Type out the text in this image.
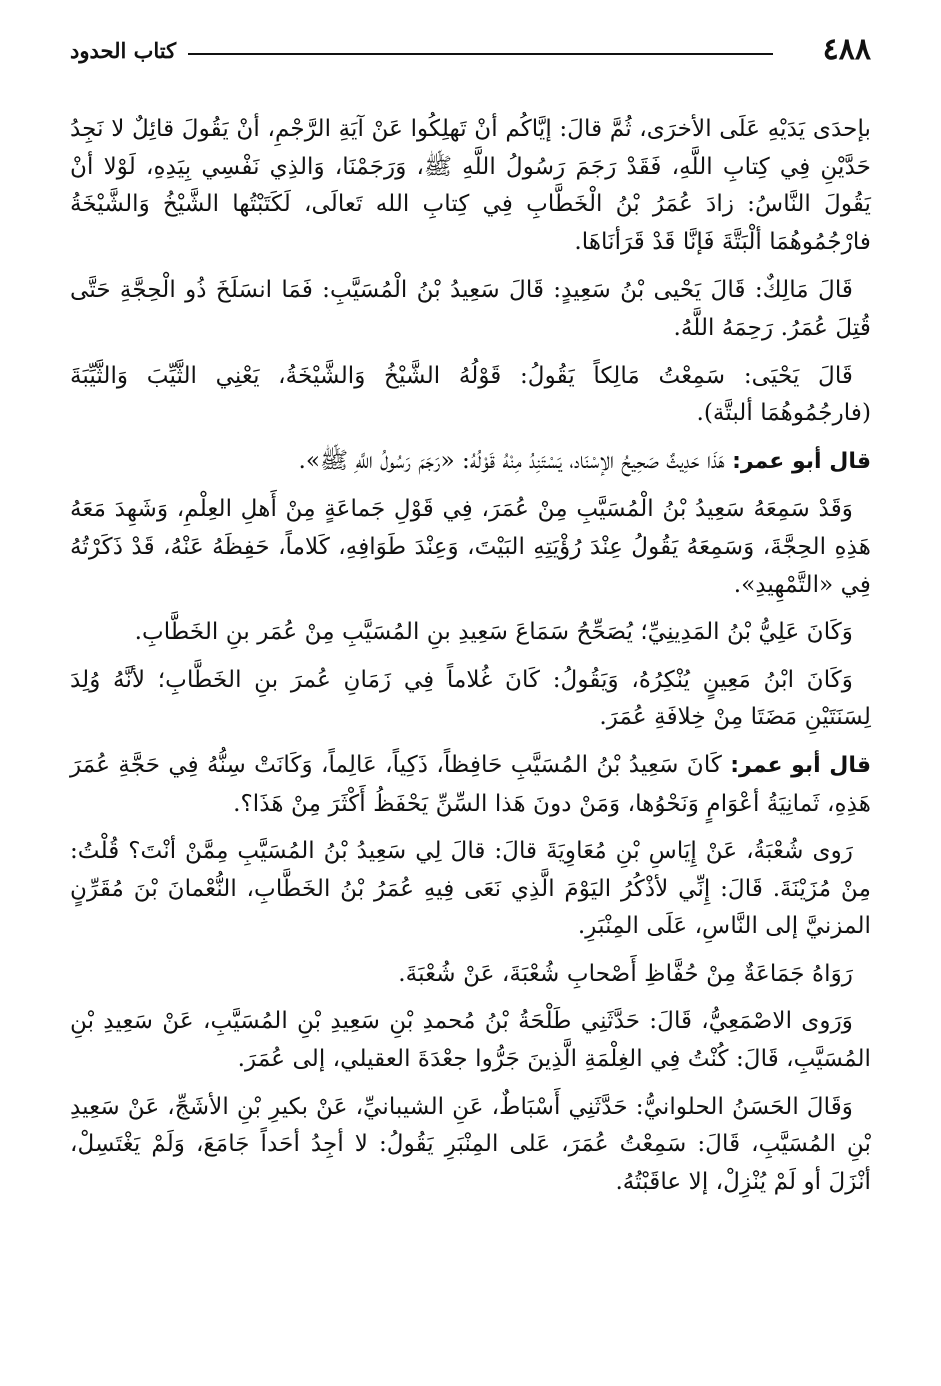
٤٨٨
كتاب الحدود

بإحدَى يَدَيْهِ عَلَى الأخرَى، ثُمَّ قالَ: إيَّاكُم أنْ تَهلِكُوا عَنْ آيَةِ الرَّجْمِ، أنْ يَقُولَ قائِلٌ لا نَجِدُ حَدَّيْنِ فِي كِتابِ اللَّهِ، فَقَدْ رَجَمَ رَسُولُ اللَّهِ ﷺ، وَرَجَمْنَا، وَالذِي نَفْسِي بِيَدِهِ، لَوْلا أنْ يَقُولَ النَّاسُ: زادَ عُمَرُ بْنُ الْخَطَّابِ فِي كِتابِ الله تَعالَى، لَكَتَبْتُها الشَّيْخُ وَالشَّيْخَةُ فارْجُمُوهُمَا ألْبَتَّةَ فَإنَّا قَدْ قَرَأنَاهَا.

قَالَ مَالِكٌ: قَالَ يَحْيى بْنُ سَعِيدٍ: قَالَ سَعِيدُ بْنُ الْمُسَيَّبِ: فَمَا انسَلَخَ ذُو الْحِجَّةِ حَتَّى قُتِلَ عُمَرُ. رَحِمَهُ اللَّهُ.

قَالَ يَحْيَى: سَمِعْتُ مَالِكاً يَقُولُ: قَوْلُهُ الشَّيْخُ وَالشَّيْخَةُ، يَعْنِي الثَّيِّبَ وَالثَّيِّبَةَ (فارجُمُوهُمَا ألبتَّة).

قال أبو عمر: هَذَا حَدِيثٌ صَحِيحُ الإسْنَاد، يَسْتَنِدُ مِنْهُ قَوْلُهُ: «رَجَمَ رَسُولُ اللَّهِ ﷺ».

وَقَدْ سَمِعَهُ سَعِيدُ بْنُ الْمُسَيَّبِ مِنْ عُمَرَ، فِي قَوْلِ جَماعَةٍ مِنْ أَهلِ العِلْمِ، وَشَهِدَ مَعَهُ هَذِهِ الحِجَّةَ، وَسَمِعَهُ يَقُولُ عِنْدَ رُؤْيَتِهِ البَيْتَ، وَعِنْدَ طَوَافِهِ، كَلاماً، حَفِظَهُ عَنْهُ، قَدْ ذَكَرْتُهُ فِي «التَّمْهِيدِ».

وَكَانَ عَلِيُّ بْنُ المَدِينِيِّ؛ يُصَحِّحُ سَمَاعَ سَعِيدِ بنِ المُسَيَّبِ مِنْ عُمَر بنِ الخَطَّابِ.

وَكَانَ ابْنُ مَعِينٍ يُنْكِرُهُ، وَيَقُولُ: كَانَ غُلاماً فِي زَمَانِ عُمرَ بنِ الخَطَّابِ؛ لأنَّهُ وُلِدَ لِسَنَتَيْنِ مَضَتَا مِنْ خِلافَةِ عُمَرَ.

قال أبو عمر: كَانَ سَعِيدُ بْنُ المُسَيَّبِ حَافِظاً، ذَكِياً، عَالِماً، وَكَانَتْ سِنُّهُ فِي حَجَّةِ عُمَرَ هَذِهِ، ثَمانِيَةُ أعْوَامٍ وَنَحْوُها، وَمَنْ دونَ هَذا السِّنِّ يَحْفَظُ أَكْثَرَ مِنْ هَذَا؟.

رَوى شُعْبَةُ، عَنْ إِيَاسِ بْنِ مُعَاوِيَةَ قالَ: قالَ لِي سَعِيدُ بْنُ المُسَيَّبِ مِمَّنْ أنْتَ؟ قُلْتُ: مِنْ مُزَيْنَةَ. قَالَ: إِنِّي لأذْكُرُ اليَوْمَ الَّذِي نَعَى فِيهِ عُمَرُ بْنُ الخَطَّابِ، النُّعْمانَ بْنَ مُقَرِّنٍ المزنيَّ إلى النَّاسِ، عَلَى المِنْبَرِ.

رَوَاهُ جَمَاعَةٌ مِنْ حُفَّاظِ أَصْحابِ شُعْبَةَ، عَنْ شُعْبَةَ.

وَرَوى الاصْمَعِيُّ، قَالَ: حَدَّثَنِي طَلْحَةُ بْنُ مُحمدِ بْنِ سَعِيدِ بْنِ المُسَيَّبِ، عَنْ سَعِيدِ بْنِ المُسَيَّبِ، قَالَ: كُنْتُ فِي الغِلْمَةِ الَّذِينَ جَرُّوا جعْدَةَ العقيلي، إلى عُمَرَ.

وَقَالَ الحَسَنُ الحلوانيُّ: حَدَّثَنِي أَسْبَاطٌ، عَنِ الشيبانيِّ، عَنْ بكيرِ بْنِ الأشَجِّ، عَنْ سَعِيدِ بْنِ المُسَيَّبِ، قَالَ: سَمِعْتُ عُمَرَ، عَلى المِنْبَرِ يَقُولُ: لا أجِدُ أحَداً جَامَعَ، وَلَمْ يَغْتَسِلْ، أنْزَلَ أو لَمْ يُنْزِلْ، إلا عاقَبْتُهُ.
